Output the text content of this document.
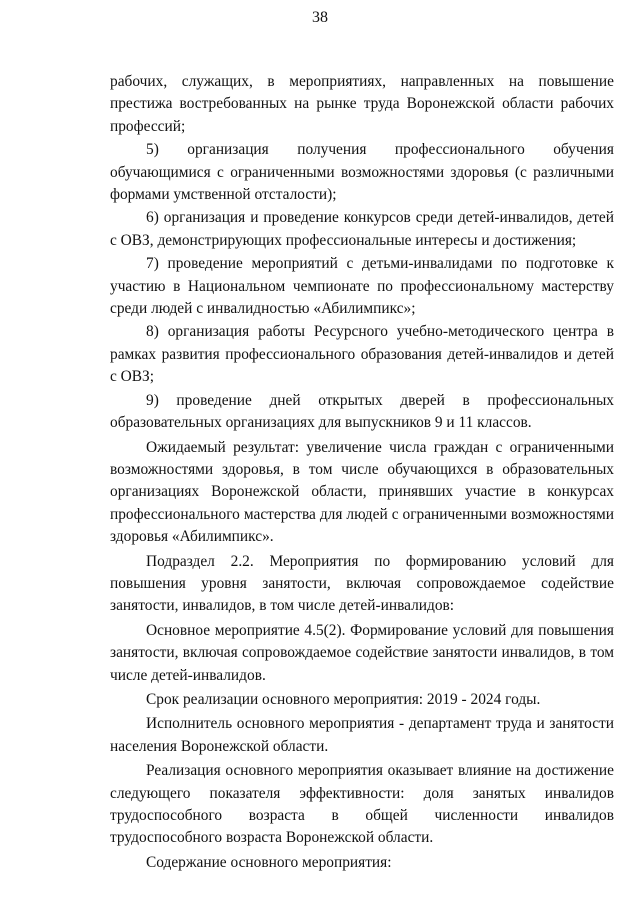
38

рабочих, служащих, в мероприятиях, направленных на повышение престижа востребованных на рынке труда Воронежской области рабочих профессий;

5) организация получения профессионального обучения обучающимися с ограниченными возможностями здоровья (с различными формами умственной отсталости);

6) организация и проведение конкурсов среди детей-инвалидов, детей с ОВЗ, демонстрирующих профессиональные интересы и достижения;

7) проведение мероприятий с детьми-инвалидами по подготовке к участию в Национальном чемпионате по профессиональному мастерству среди людей с инвалидностью «Абилимпикс»;

8) организация работы Ресурсного учебно-методического центра в рамках развития профессионального образования детей-инвалидов и детей с ОВЗ;

9) проведение дней открытых дверей в профессиональных образовательных организациях для выпускников 9 и 11 классов.

Ожидаемый результат: увеличение числа граждан с ограниченными возможностями здоровья, в том числе обучающихся в образовательных организациях Воронежской области, принявших участие в конкурсах профессионального мастерства для людей с ограниченными возможностями здоровья «Абилимпикс».

Подраздел 2.2. Мероприятия по формированию условий для повышения уровня занятости, включая сопровождаемое содействие занятости, инвалидов, в том числе детей-инвалидов:

Основное мероприятие 4.5(2). Формирование условий для повышения занятости, включая сопровождаемое содействие занятости инвалидов, в том числе детей-инвалидов.

Срок реализации основного мероприятия: 2019 - 2024 годы.

Исполнитель основного мероприятия - департамент труда и занятости населения Воронежской области.

Реализация основного мероприятия оказывает влияние на достижение следующего показателя эффективности: доля занятых инвалидов трудоспособного возраста в общей численности инвалидов трудоспособного возраста Воронежской области.

Содержание основного мероприятия:
